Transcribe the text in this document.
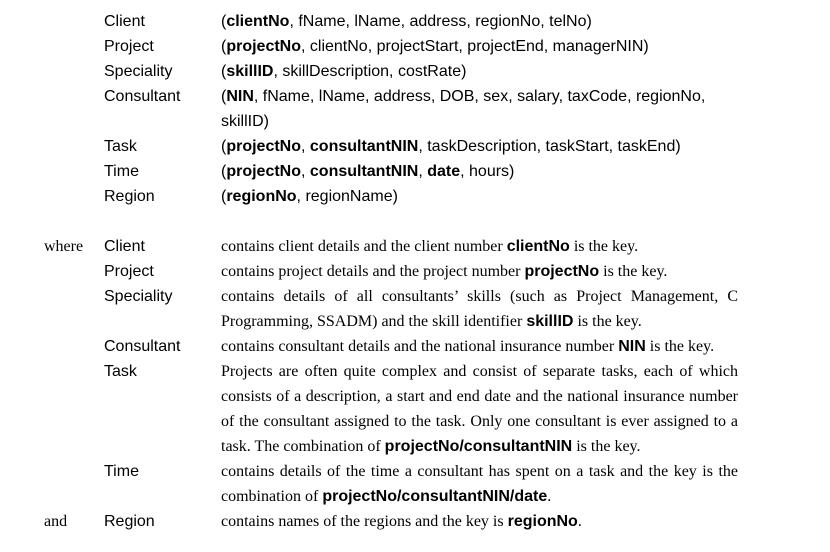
Client	(clientNo, fName, lName, address, regionNo, telNo)
Project	(projectNo, clientNo, projectStart, projectEnd, managerNIN)
Speciality	(skillID, skillDescription, costRate)
Consultant	(NIN, fName, lName, address, DOB, sex, salary, taxCode, regionNo,
skillID)
Task	(projectNo, consultantNIN, taskDescription, taskStart, taskEnd)
Time	(projectNo, consultantNIN, date, hours)
Region	(regionNo, regionName)
where Client	contains client details and the client number clientNo is the key.
Project	contains project details and the project number projectNo is the key.
Speciality	contains details of all consultants’ skills (such as Project Management, C
Programming, SSADM) and the skill identifier skillID is the key.
Consultant	contains consultant details and the national insurance number NIN is the key.
Task	Projects are often quite complex and consist of separate tasks, each of which
consists of a description, a start and end date and the national insurance number
of the consultant assigned to the task. Only one consultant is ever assigned to a
task. The combination of projectNo/consultantNIN is the key.
Time	contains details of the time a consultant has spent on a task and the key is the
combination of projectNo/consultantNIN/date.
and Region	contains names of the regions and the key is regionNo.
